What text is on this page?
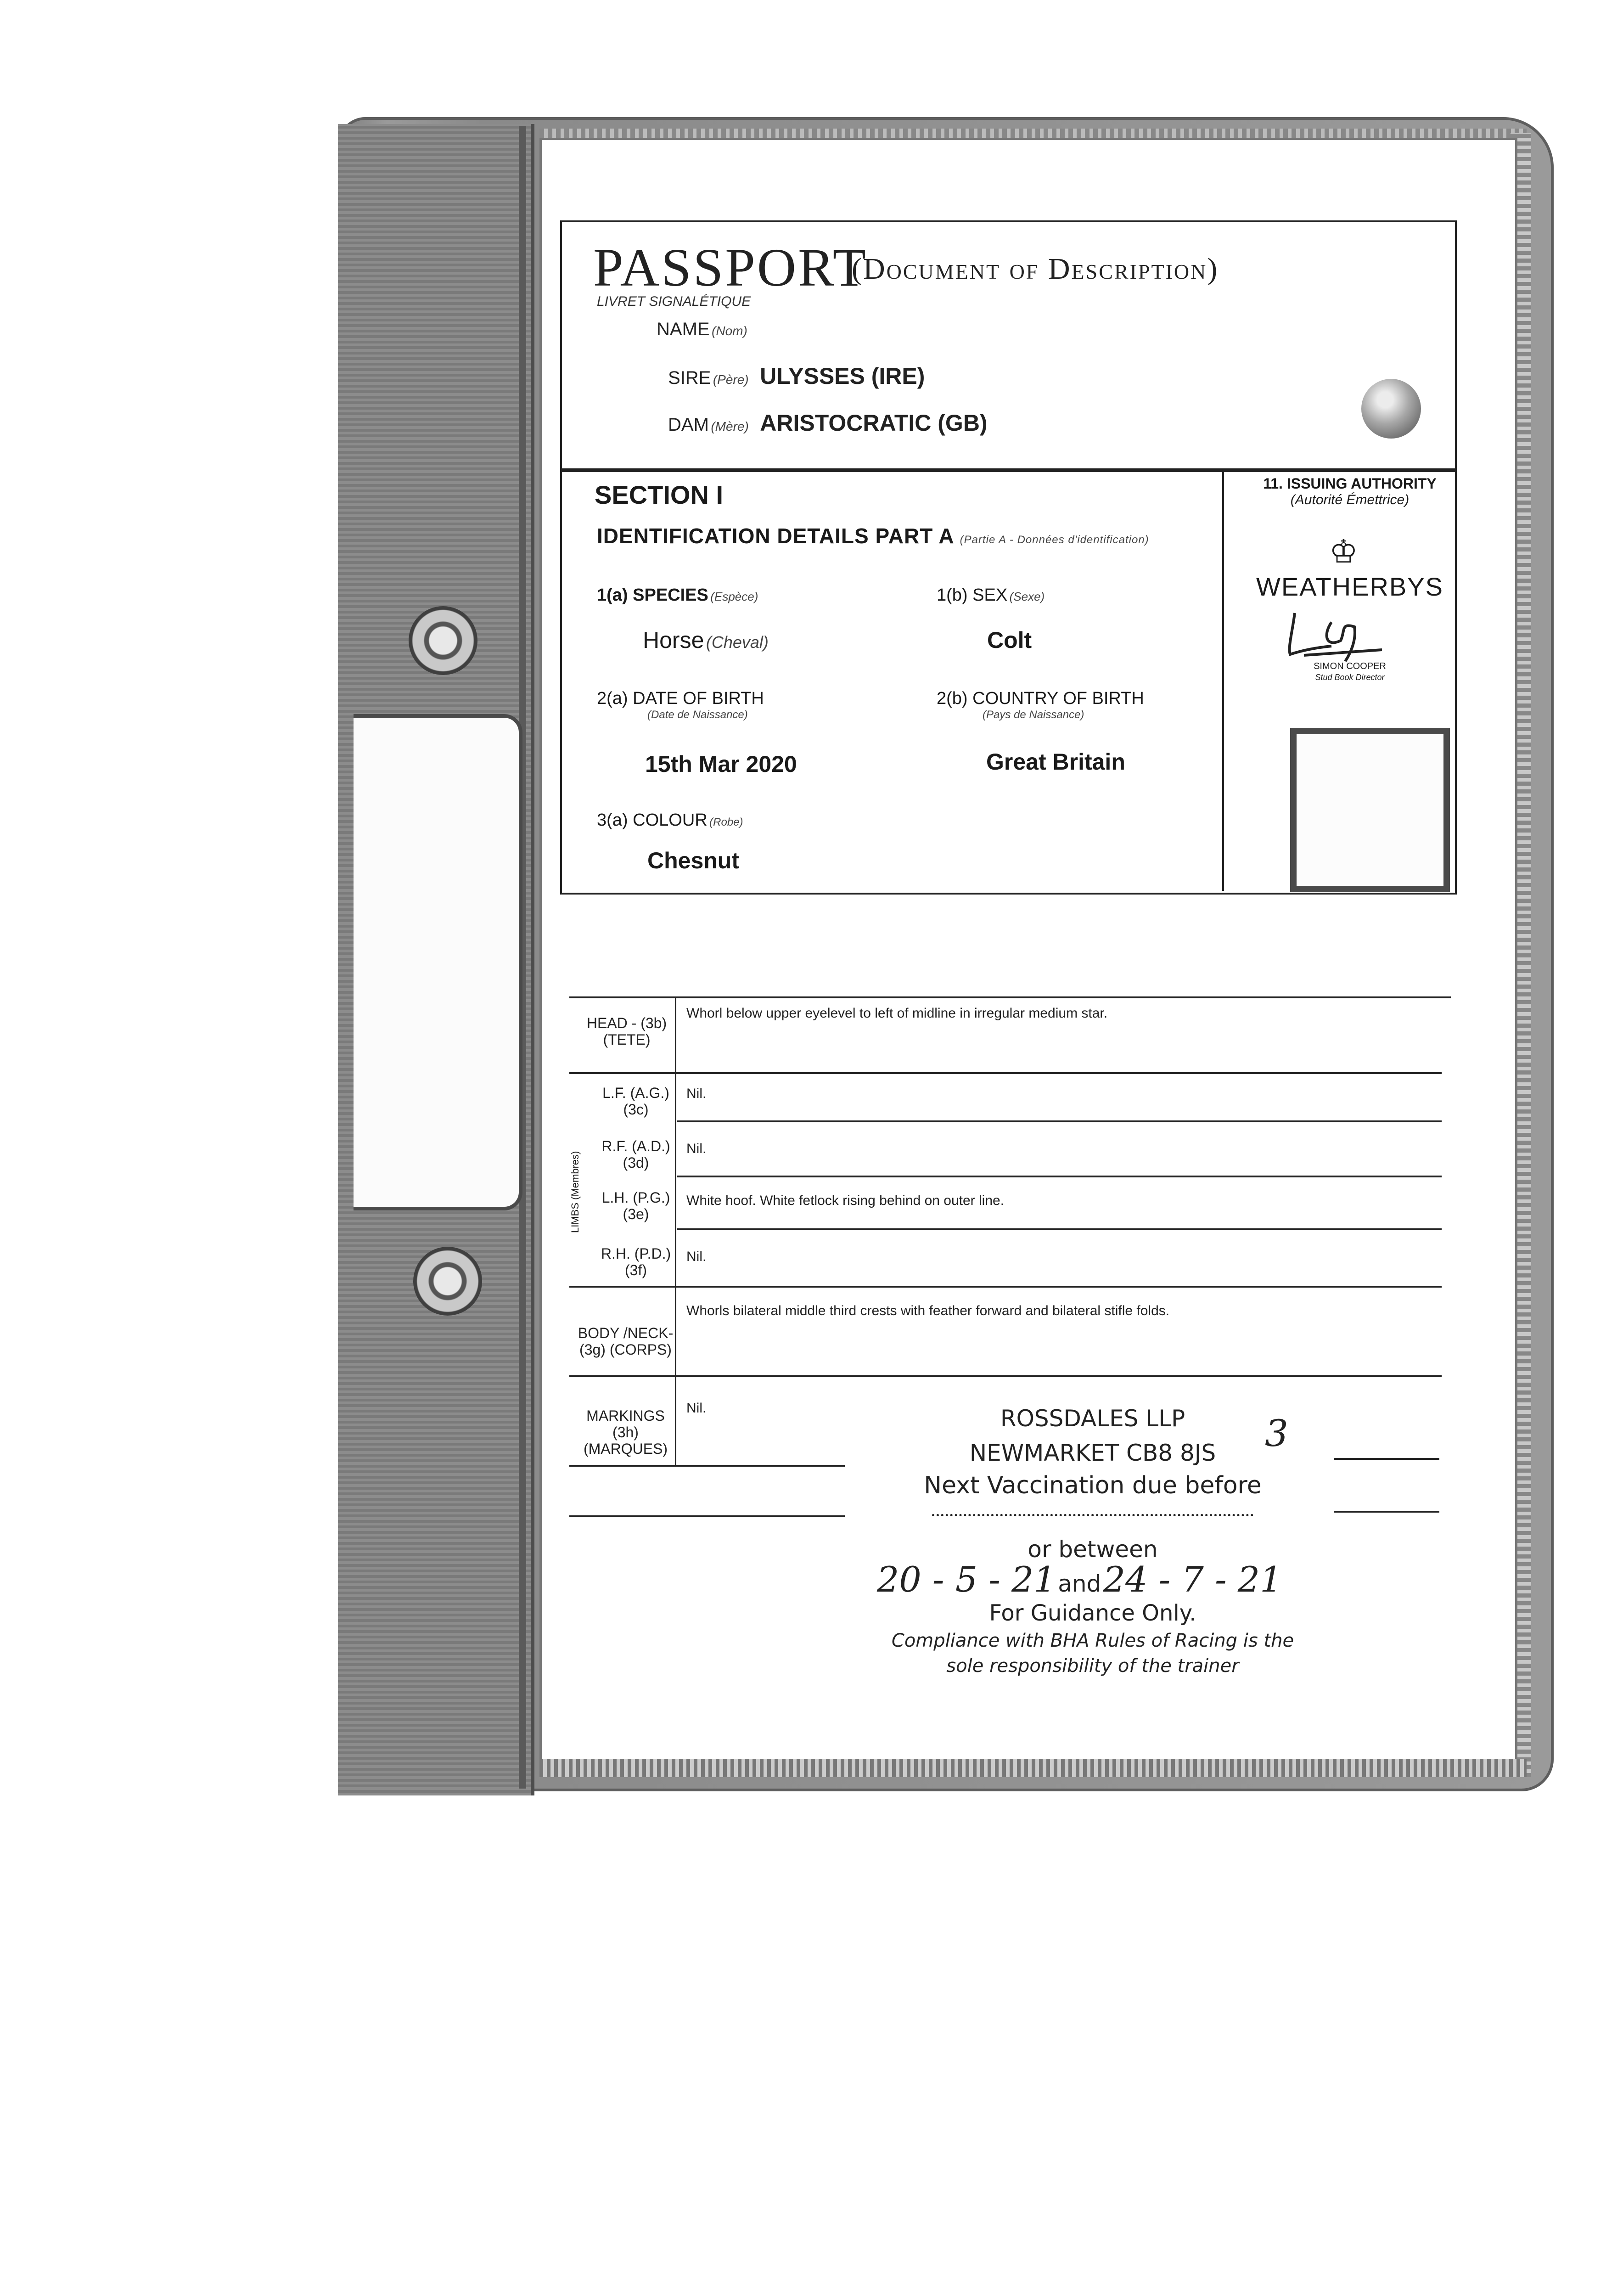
PASSPORT
(Document of Description)
LIVRET SIGNALÉTIQUE
NAME (Nom)
SIRE (Père) ULYSSES (IRE)
DAM (Mère) ARISTOCRATIC (GB)
SECTION I
IDENTIFICATION DETAILS PART A (Partie A - Données d'identification)
1(a) SPECIES (Espèce)
Horse (Cheval)
1(b) SEX (Sexe)
Colt
2(a) DATE OF BIRTH
(Date de Naissance)
15th Mar 2020
2(b) COUNTRY OF BIRTH
(Pays de Naissance)
Great Britain
3(a) COLOUR (Robe)
Chesnut
11. ISSUING AUTHORITY
(Autorité Émettrice)
♔
WEATHERBYS
SIMON COOPER
Stud Book Director
LIMBS (Membres)
HEAD - (3b)
(TETE)
Whorl below upper eyelevel to left of midline in irregular medium star.
L.F. (A.G.)
(3c)
Nil.
R.F. (A.D.)
(3d)
Nil.
L.H. (P.G.)
(3e)
White hoof. White fetlock rising behind on outer line.
R.H. (P.D.)
(3f)
Nil.
BODY /NECK-
(3g) (CORPS)
Whorls bilateral middle third crests with feather forward and bilateral stifle folds.
MARKINGS (3h)
(MARQUES)
Nil.	ROSSDALES LLP
NEWMARKET CB8 8JS
Next Vaccination due before
or between
20 - 5 - 21 and 24 - 7 - 21
For Guidance Only.
Compliance with BHA Rules of Racing is the
sole responsibility of the trainer
3
